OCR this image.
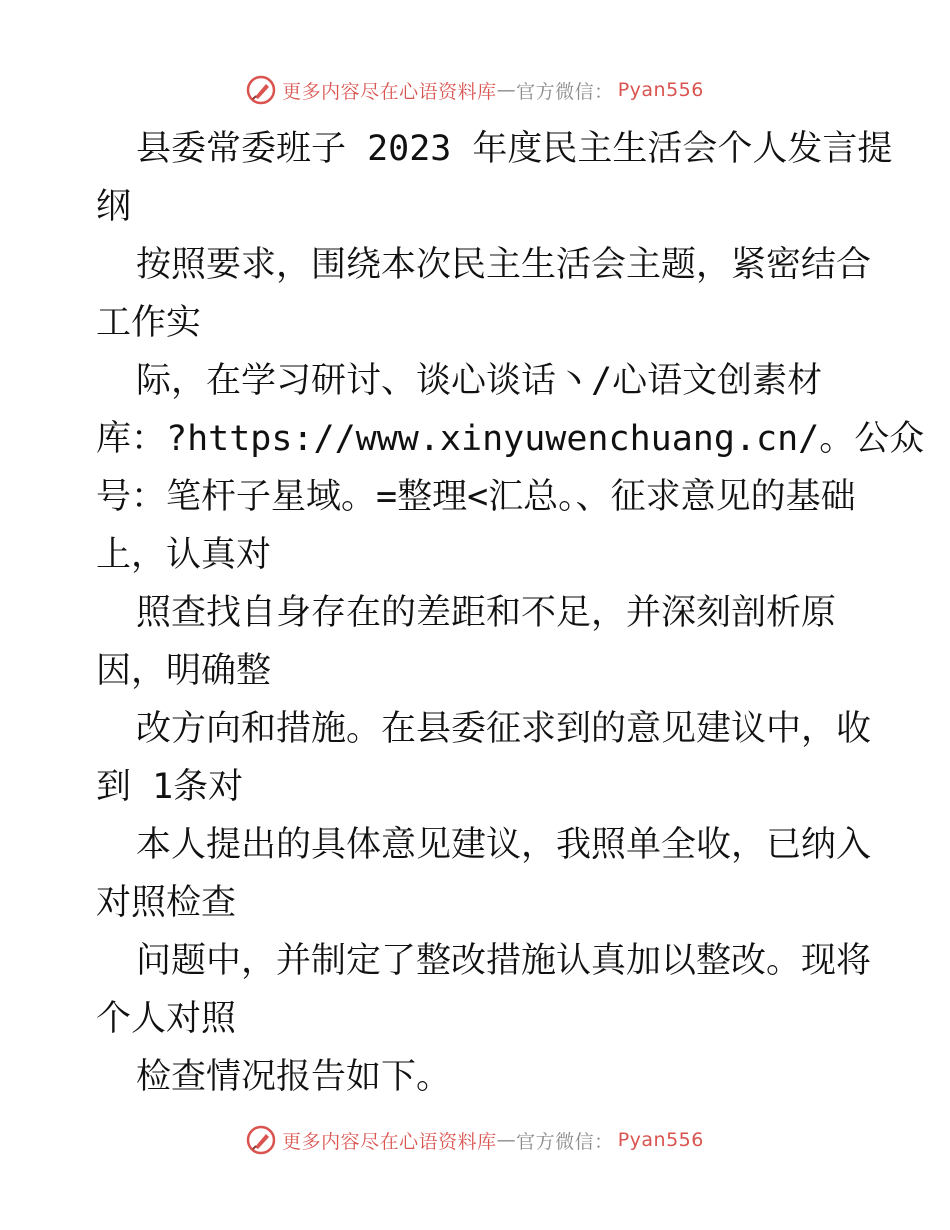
更多内容尽在心语资料库 — 官方微信： Pyan556
县委常委班子 2023 年度民主生活会个人发言提
纲
按照要求，围绕本次民主生活会主题，紧密结合
工作实
际，在学习研讨、谈心谈话丶/心语文创素材
库：?https://www.xinyuwenchuang.cn/。公众
号：笔杆子星域。=整理<汇总。、征求意见的基础
上，认真对
照查找自身存在的差距和不足，并深刻剖析原
因，明确整
改方向和措施。在县委征求到的意见建议中，收
到 1条对
本人提出的具体意见建议，我照单全收，已纳入
对照检查
问题中，并制定了整改措施认真加以整改。现将
个人对照
检查情况报告如下。
更多内容尽在心语资料库 — 官方微信： Pyan556
